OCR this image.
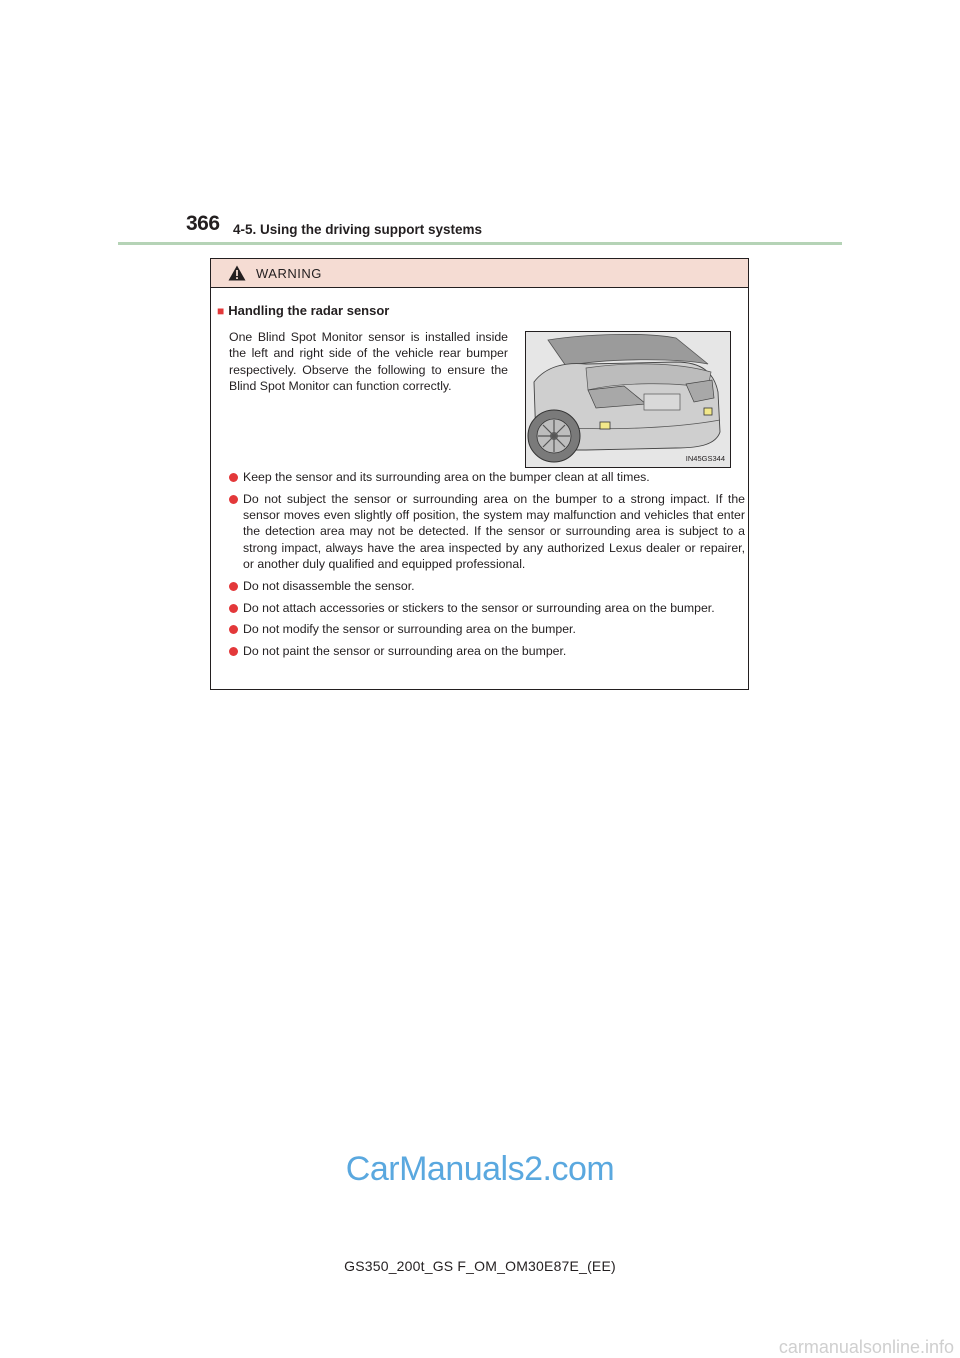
366 4-5. Using the driving support systems
WARNING
■ Handling the radar sensor
One Blind Spot Monitor sensor is installed inside the left and right side of the vehicle rear bumper respectively. Observe the following to ensure the Blind Spot Monitor can function correctly.
IN45GS344
Keep the sensor and its surrounding area on the bumper clean at all times.
Do not subject the sensor or surrounding area on the bumper to a strong impact. If the sensor moves even slightly off position, the system may malfunction and vehicles that enter the detection area may not be detected. If the sensor or surrounding area is subject to a strong impact, always have the area inspected by any authorized Lexus dealer or repairer, or another duly qualified and equipped professional.
Do not disassemble the sensor.
Do not attach accessories or stickers to the sensor or surrounding area on the bumper.
Do not modify the sensor or surrounding area on the bumper.
Do not paint the sensor or surrounding area on the bumper.
CarManuals2.com
GS350_200t_GS F_OM_OM30E87E_(EE)
carmanualsonline.info
